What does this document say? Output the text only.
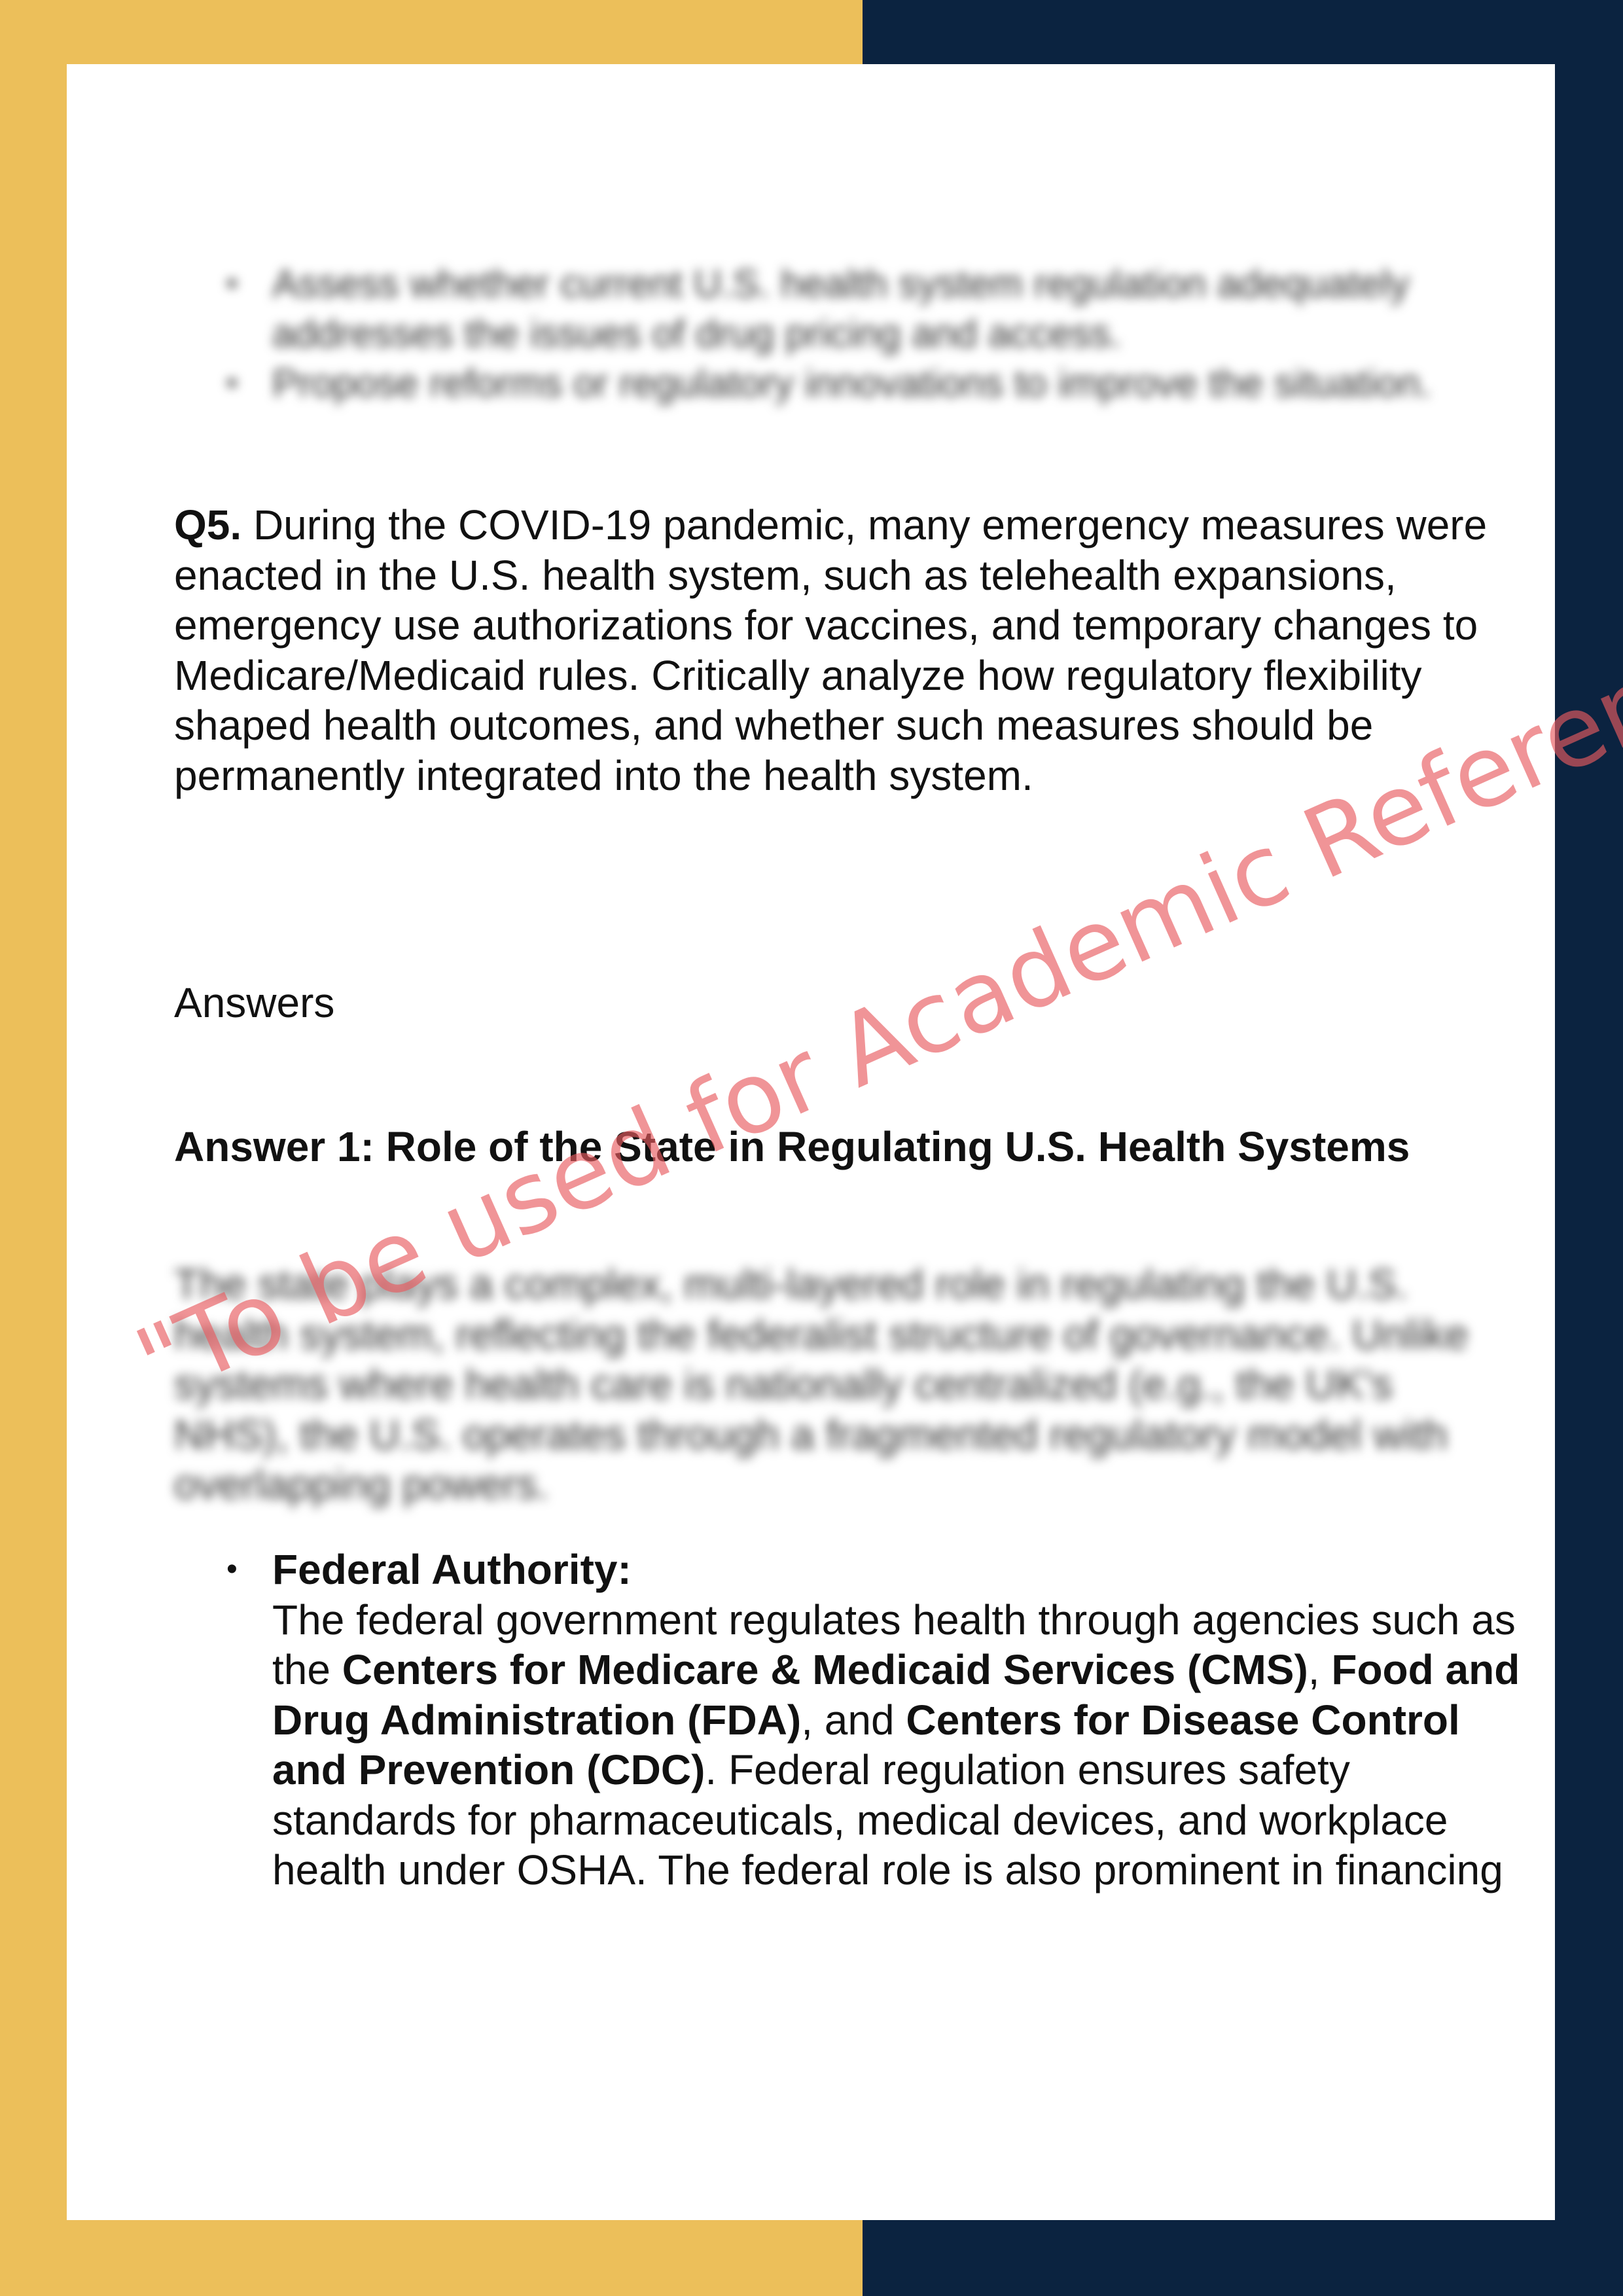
• Assess whether current U.S. health system regulation adequately addresses the issues of drug pricing and access.
• Propose reforms or regulatory innovations to improve the situation.

Q5. During the COVID-19 pandemic, many emergency measures were enacted in the U.S. health system, such as telehealth expansions, emergency use authorizations for vaccines, and temporary changes to Medicare/Medicaid rules. Critically analyze how regulatory flexibility shaped health outcomes, and whether such measures should be permanently integrated into the health system.

Answers

Answer 1: Role of the State in Regulating U.S. Health Systems

The state plays a complex, multi-layered role in regulating the U.S. health system, reflecting the federalist structure of governance. Unlike systems where health care is nationally centralized (e.g., the UK's NHS), the U.S. operates through a fragmented regulatory model with overlapping powers.

• Federal Authority:
The federal government regulates health through agencies such as the Centers for Medicare & Medicaid Services (CMS), Food and Drug Administration (FDA), and Centers for Disease Control and Prevention (CDC). Federal regulation ensures safety standards for pharmaceuticals, medical devices, and workplace health under OSHA. The federal role is also prominent in financing
"To be used for Academic Reference
